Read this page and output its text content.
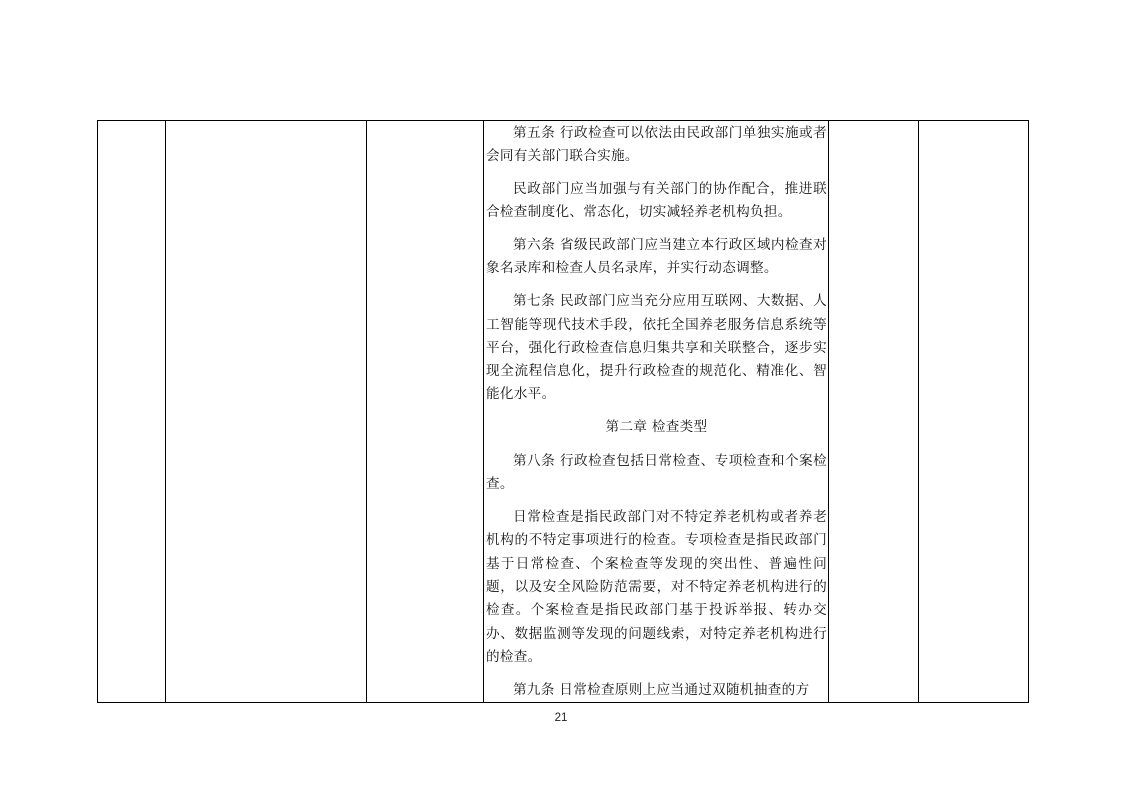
第五条 行政检查可以依法由民政部门单独实施或者会同有关部门联合实施。

民政部门应当加强与有关部门的协作配合，推进联合检查制度化、常态化，切实减轻养老机构负担。

第六条 省级民政部门应当建立本行政区域内检查对象名录库和检查人员名录库，并实行动态调整。

第七条 民政部门应当充分应用互联网、大数据、人工智能等现代技术手段，依托全国养老服务信息系统等平台，强化行政检查信息归集共享和关联整合，逐步实现全流程信息化，提升行政检查的规范化、精准化、智能化水平。

第二章 检查类型

第八条 行政检查包括日常检查、专项检查和个案检查。

日常检查是指民政部门对不特定养老机构或者养老机构的不特定事项进行的检查。专项检查是指民政部门基于日常检查、个案检查等发现的突出性、普遍性问题，以及安全风险防范需要，对不特定养老机构进行的检查。个案检查是指民政部门基于投诉举报、转办交办、数据监测等发现的问题线索，对特定养老机构进行的检查。

第九条 日常检查原则上应当通过双随机抽查的方

21
